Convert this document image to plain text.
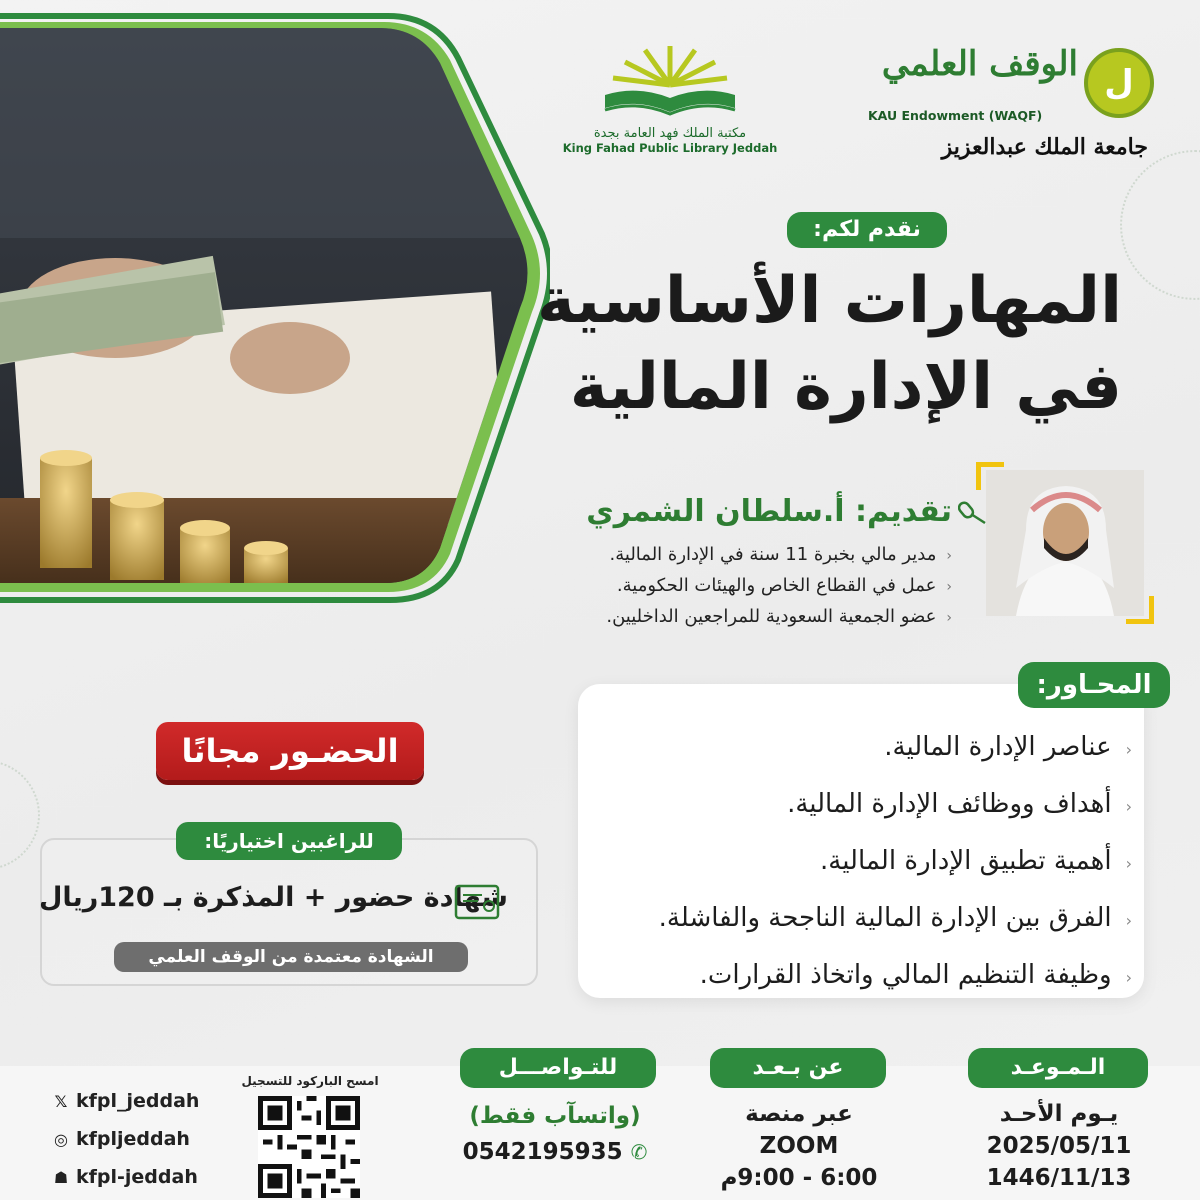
مكتبة الملك فهد العامة بجدة
King Fahad Public Library Jeddah
ل
الوقف العلمي
KAU Endowment (WAQF)
جامعة الملك عبدالعزيز
نقدم لكم:
المهارات الأساسية
في الإدارة المالية
تقديم: أ.سلطان الشمري
‹مدير مالي بخبرة 11 سنة في الإدارة المالية.
‹عمل في القطاع الخاص والهيئات الحكومية.
‹عضو الجمعية السعودية للمراجعين الداخليين.
المحـاور:
‹عناصر الإدارة المالية.
‹أهداف ووظائف الإدارة المالية.
‹أهمية تطبيق الإدارة المالية.
‹الفرق بين الإدارة المالية الناجحة والفاشلة.
‹وظيفة التنظيم المالي واتخاذ القرارات.
الحضـور مجانًا
للراغبين اختياريًا:
شهادة حضور + المذكرة بـ 120ريال
الشهادة معتمدة من الوقف العلمي
الـمـوعـد
عن بـعـد
للتـواصـــل
يـوم الأحـد
2025/05/11
1446/11/13
عبر منصة
ZOOM
6:00 - 9:00م
(واتسآب فقط)
0542195935 ✆
امسح الباركود للتسجيل
𝕏 kfpl_jeddah
◎ kfpljeddah
☗ kfpl-jeddah
